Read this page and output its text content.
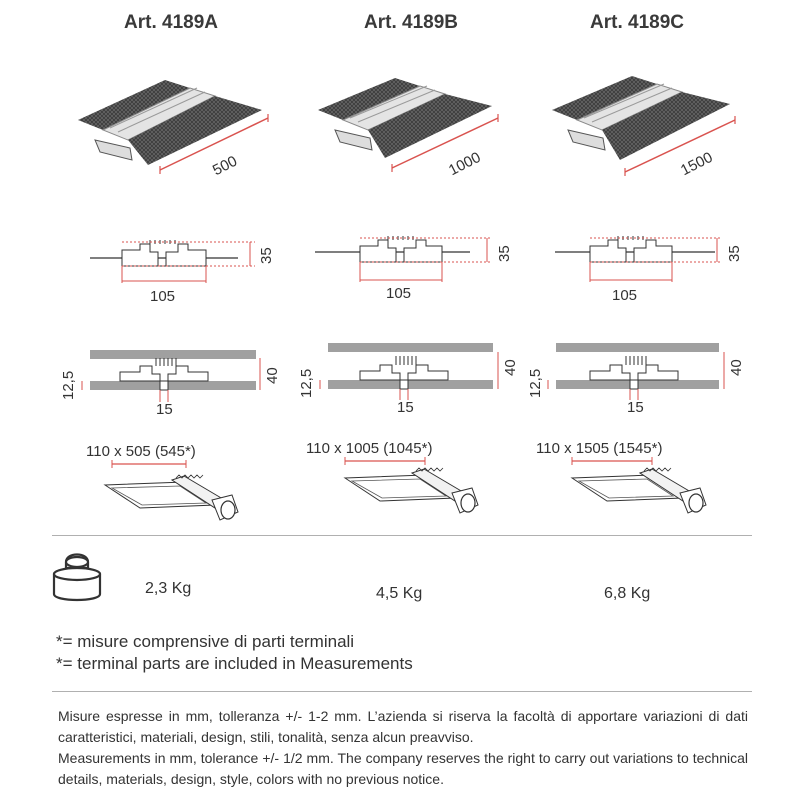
Art. 4189A	Art. 4189B	Art. 4189C
500	1000	1500
35	35	35
105	105	105
12,5	12,5	12,5
40	40	40
15	15	15
110 x 505 (545*)	110 x 1005 (1045*)	110 x 1505 (1545*)
2,3 Kg	4,5 Kg	6,8 Kg
*= misure comprensive di parti terminali
*= terminal parts are included in Measurements
Misure espresse in mm, tolleranza +/- 1-2 mm. L’azienda si riserva la facoltà di apportare variazioni di dati caratteristici, materiali, design, stili, tonalità, senza alcun preavviso.
Measurements in mm, tolerance +/- 1/2 mm. The company reserves the right to carry out variations to technical details, materials, design, style, colors with no previous notice.
